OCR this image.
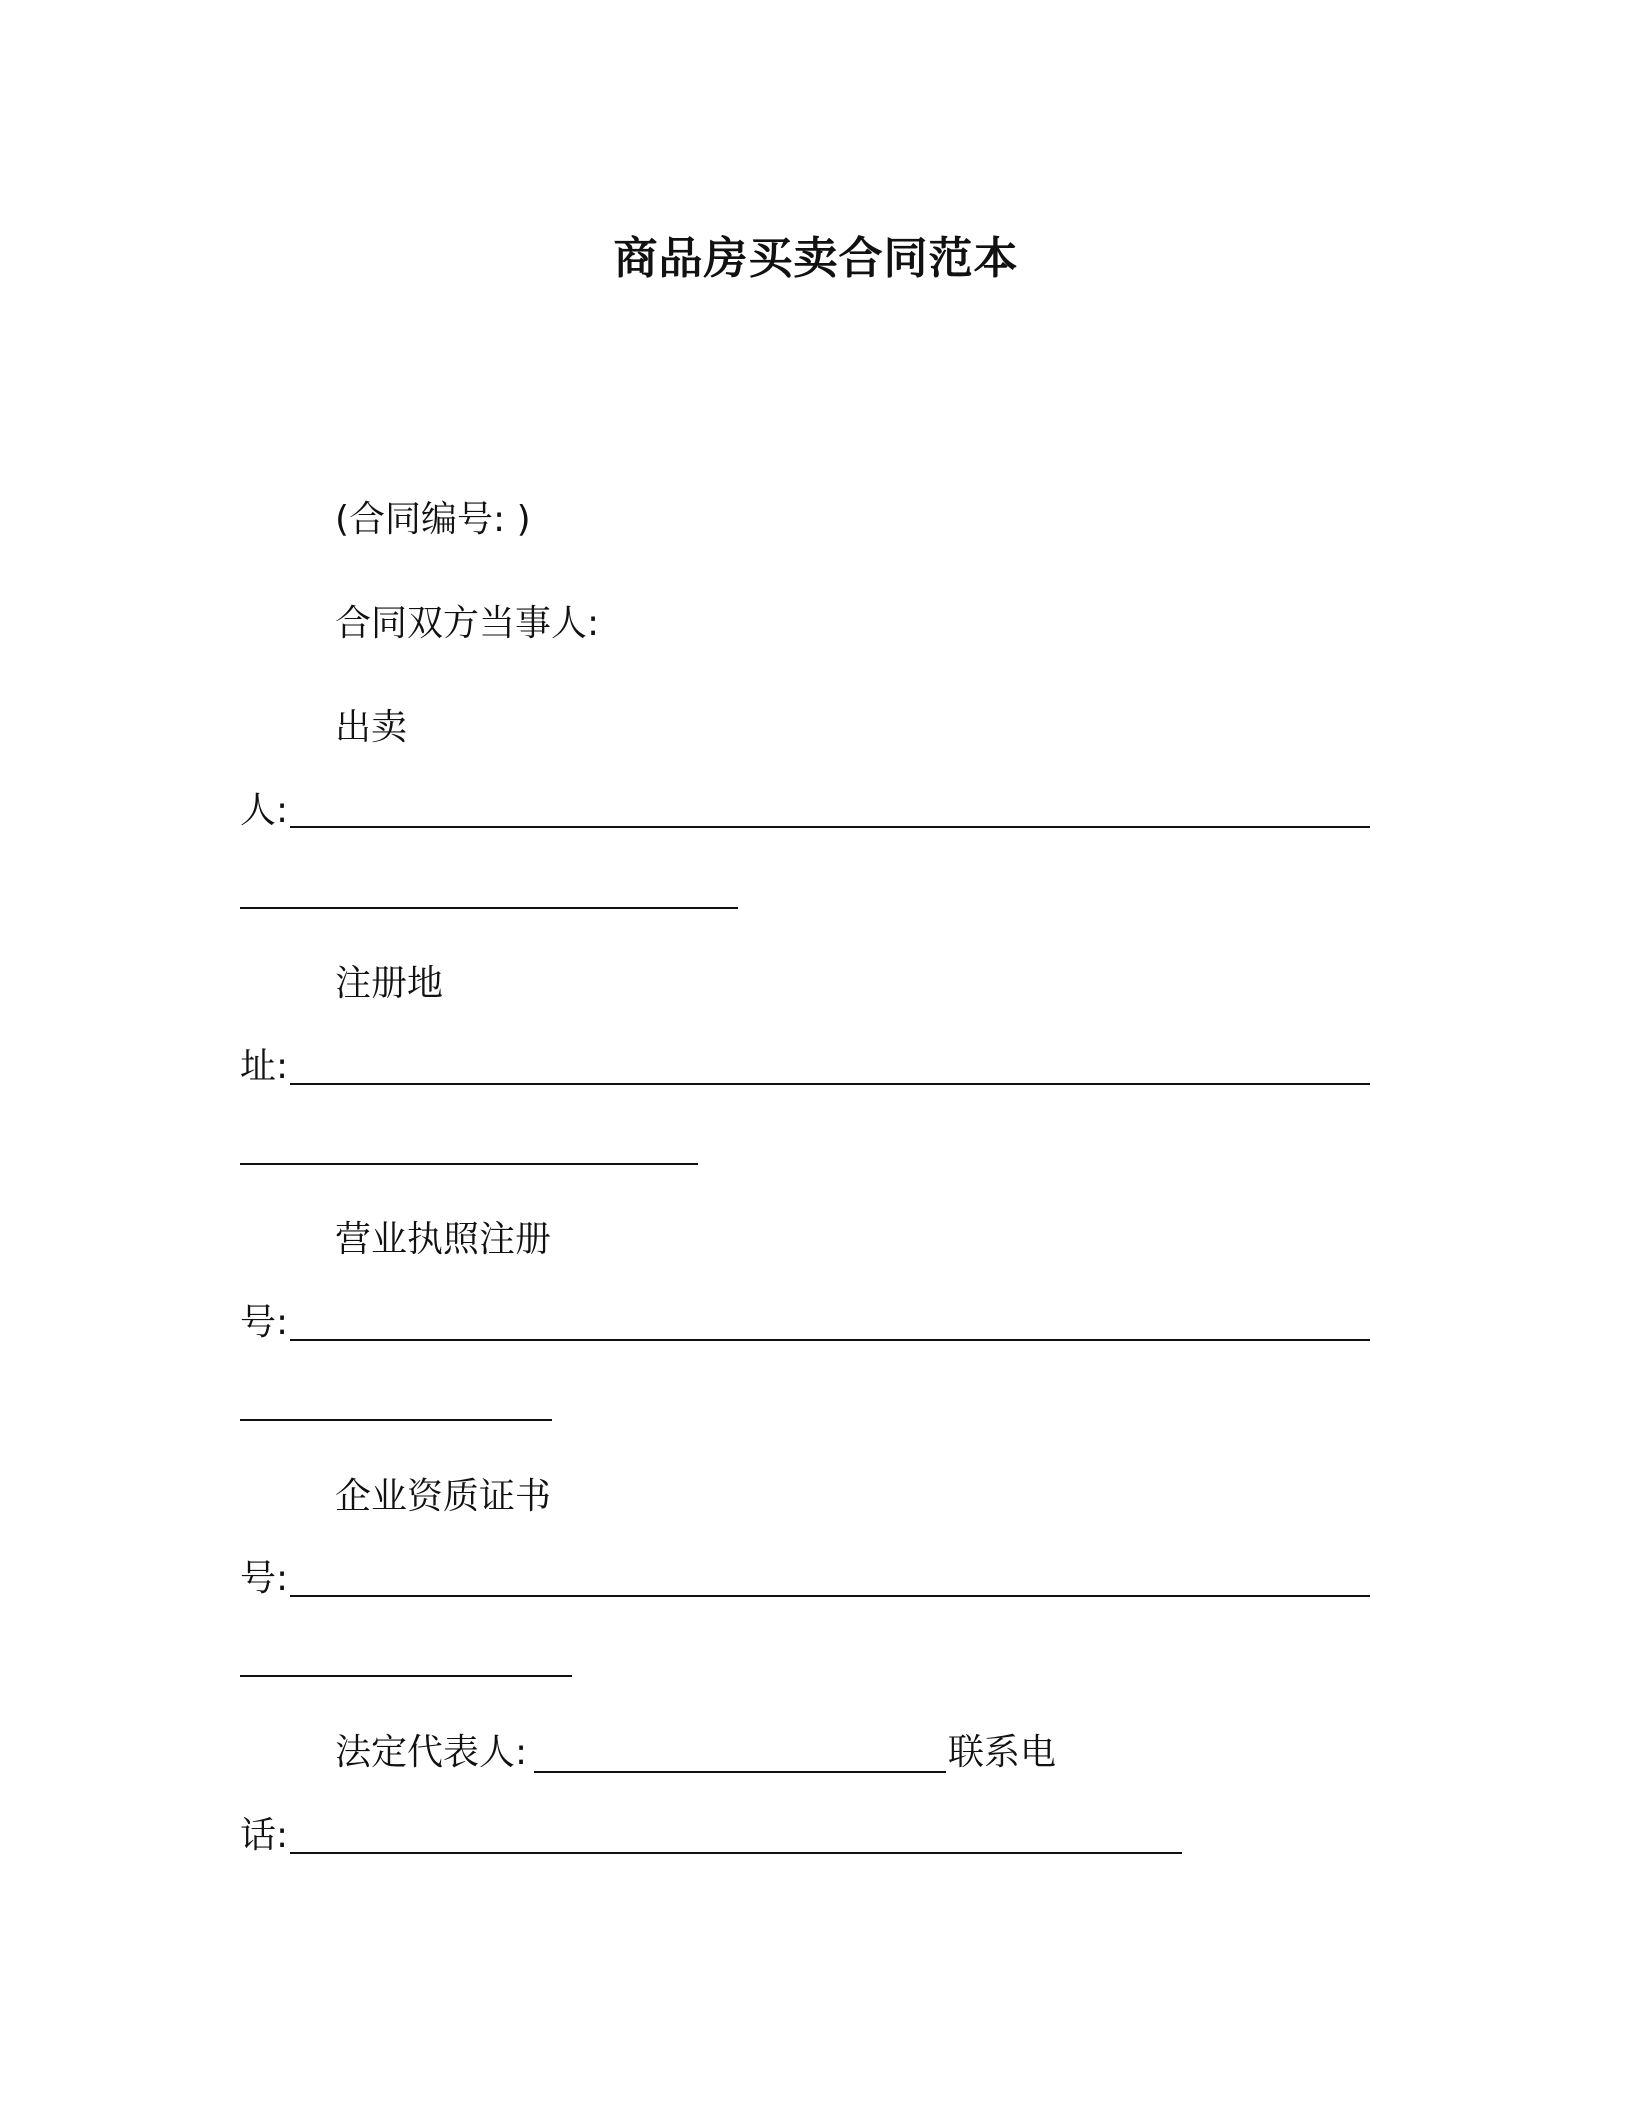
商品房买卖合同范本
(合同编号: )
合同双方当事人:
出卖
人:
注册地
址:
营业执照注册
号:
企业资质证书
号:
法定代表人:	联系电
话:
